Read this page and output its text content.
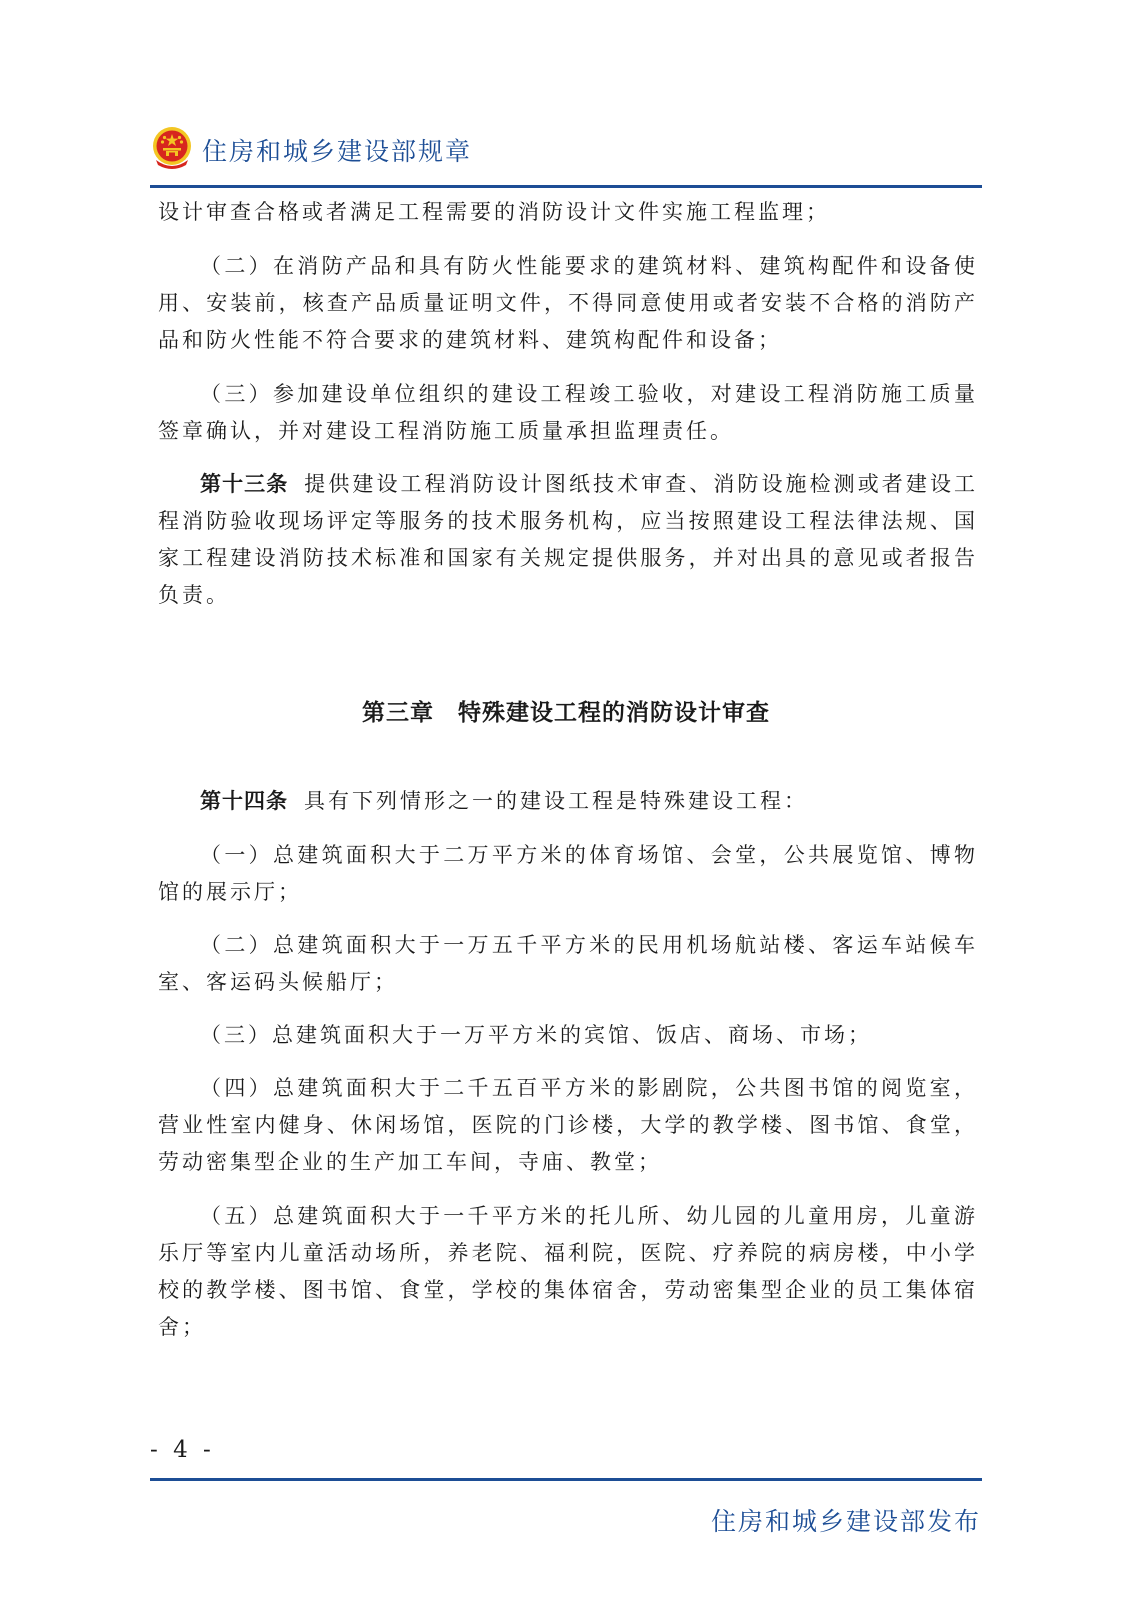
住房和城乡建设部规章

设计审查合格或者满足工程需要的消防设计文件实施工程监理；

（二）在消防产品和具有防火性能要求的建筑材料、建筑构配件和设备使用、安装前，核查产品质量证明文件，不得同意使用或者安装不合格的消防产品和防火性能不符合要求的建筑材料、建筑构配件和设备；

（三）参加建设单位组织的建设工程竣工验收，对建设工程消防施工质量签章确认，并对建设工程消防施工质量承担监理责任。

第十三条 提供建设工程消防设计图纸技术审查、消防设施检测或者建设工程消防验收现场评定等服务的技术服务机构，应当按照建设工程法律法规、国家工程建设消防技术标准和国家有关规定提供服务，并对出具的意见或者报告负责。

第三章 特殊建设工程的消防设计审查

第十四条 具有下列情形之一的建设工程是特殊建设工程：

（一）总建筑面积大于二万平方米的体育场馆、会堂，公共展览馆、博物馆的展示厅；

（二）总建筑面积大于一万五千平方米的民用机场航站楼、客运车站候车室、客运码头候船厅；

（三）总建筑面积大于一万平方米的宾馆、饭店、商场、市场；

（四）总建筑面积大于二千五百平方米的影剧院，公共图书馆的阅览室，营业性室内健身、休闲场馆，医院的门诊楼，大学的教学楼、图书馆、食堂，劳动密集型企业的生产加工车间，寺庙、教堂；

（五）总建筑面积大于一千平方米的托儿所、幼儿园的儿童用房，儿童游乐厅等室内儿童活动场所，养老院、福利院，医院、疗养院的病房楼，中小学校的教学楼、图书馆、食堂，学校的集体宿舍，劳动密集型企业的员工集体宿舍；

- 4 -
住房和城乡建设部发布
